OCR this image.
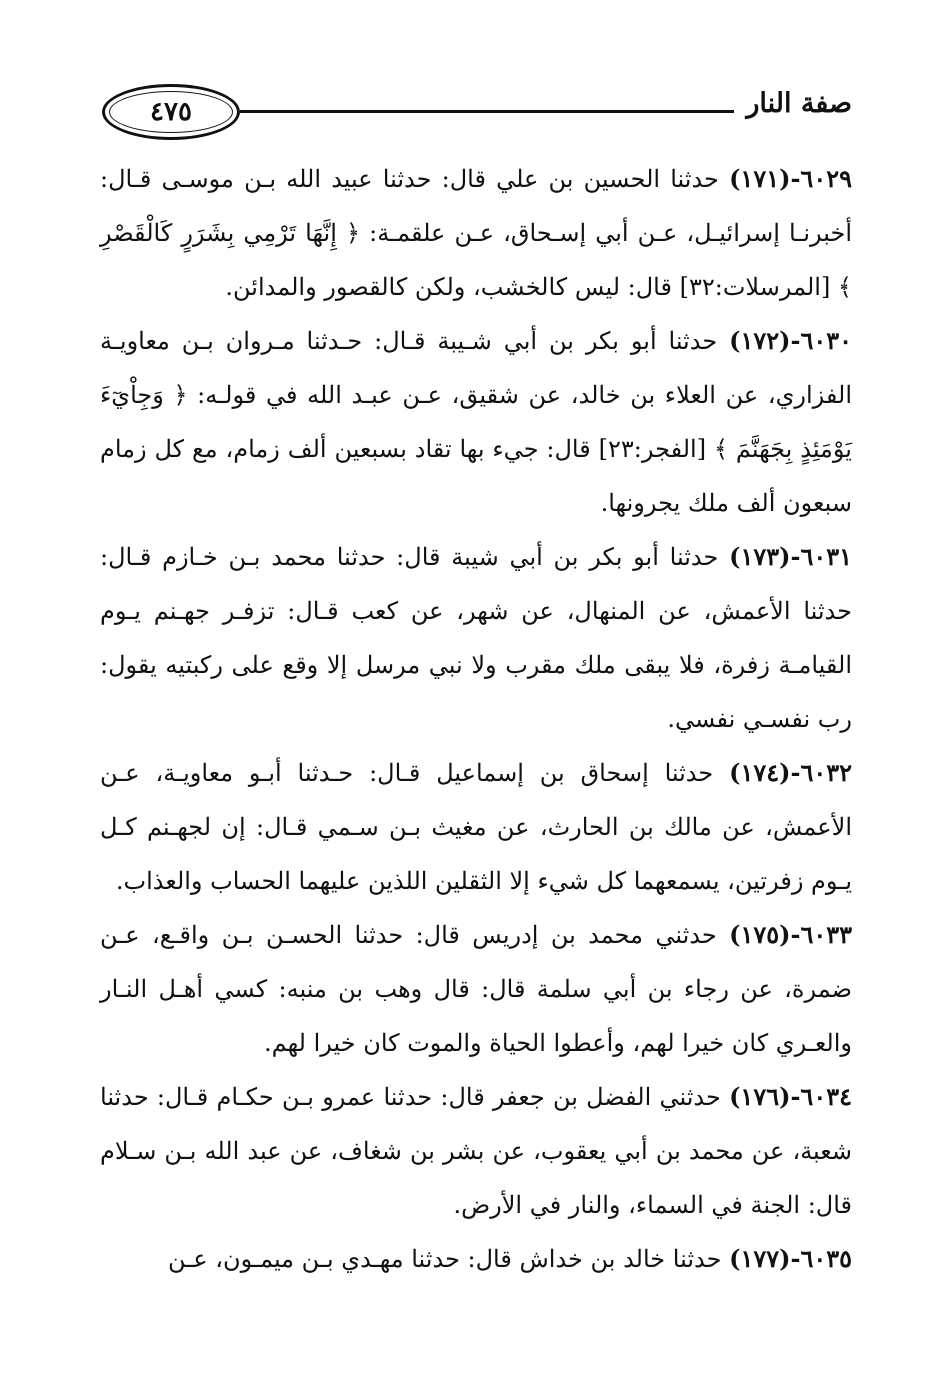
٤٧٥	صفة النار

٦٠٢٩-(١٧١) حدثنا الحسين بن علي قال: حدثنا عبيد الله بـن موسـى قـال: أخبرنـا إسرائيـل، عـن أبي إسـحاق، عـن علقمـة: ﴿ إِنَّهَا تَرْمِي بِشَرَرٍ كَالْقَصْرِ ﴾ [المرسلات:٣٢] قال: ليس كالخشب، ولكن كالقصور والمدائن.

٦٠٣٠-(١٧٢) حدثنا أبو بكر بن أبي شـيبة قـال: حـدثنا مـروان بـن معاويـة الفزاري، عن العلاء بن خالد، عن شقيق، عـن عبـد الله في قولـه: ﴿ وَجِاْيٓءَ يَوْمَئِذٍ بِجَهَنَّمَ ﴾ [الفجر:٢٣] قال: جيء بها تقاد بسبعين ألف زمام، مع كل زمام سبعون ألف ملك يجرونها.

٦٠٣١-(١٧٣) حدثنا أبو بكر بن أبي شيبة قال: حدثنا محمد بـن خـازم قـال: حدثنا الأعمش، عن المنهال، عن شهر، عن كعب قـال: تزفـر جهـنم يـوم القيامـة زفرة، فلا يبقى ملك مقرب ولا نبي مرسل إلا وقع على ركبتيه يقول: رب نفسـي نفسي.

٦٠٣٢-(١٧٤) حدثنا إسحاق بن إسماعيل قـال: حـدثنا أبـو معاويـة، عـن الأعمش، عن مالك بن الحارث، عن مغيث بـن سـمي قـال: إن لجهـنم كـل يـوم زفرتين، يسمعهما كل شيء إلا الثقلين اللذين عليهما الحساب والعذاب.

٦٠٣٣-(١٧٥) حدثني محمد بن إدريس قال: حدثنا الحسـن بـن واقـع، عـن ضمرة، عن رجاء بن أبي سلمة قال: قال وهب بن منبه: كسي أهـل النـار والعـري كان خيرا لهم، وأعطوا الحياة والموت كان خيرا لهم.

٦٠٣٤-(١٧٦) حدثني الفضل بن جعفر قال: حدثنا عمرو بـن حكـام قـال: حدثنا شعبة، عن محمد بن أبي يعقوب، عن بشر بن شغاف، عن عبد الله بـن سـلام قال: الجنة في السماء، والنار في الأرض.

٦٠٣٥-(١٧٧) حدثنا خالد بن خداش قال: حدثنا مهـدي بـن ميمـون، عـن
